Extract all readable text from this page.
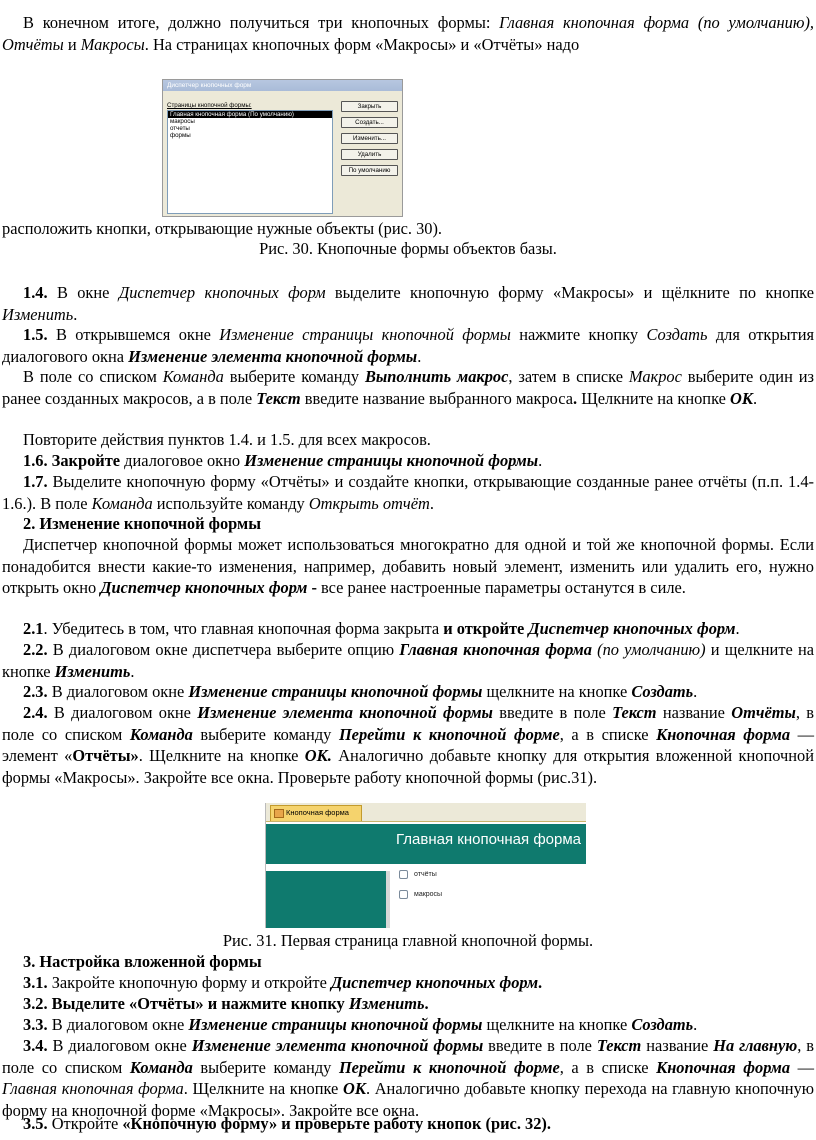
В конечном итоге, должно получиться три кнопочных формы: Главная кнопочная форма (по умолчанию), Отчёты и Макросы. На страницах кнопочных форм «Макросы» и «Отчёты» надо
Диспетчер кнопочных форм
Страницы кнопочной формы:
Главная кнопочная форма (По умолчанию)
макросы
отчеты
формы
Закрыть
Создать...
Изменить...
Удалить
По умолчанию
расположить кнопки, открывающие нужные объекты (рис. 30).
Рис. 30. Кнопочные формы объектов базы.
1.4. В окне Диспетчер кнопочных форм выделите кнопочную форму «Макросы» и щёлкните по кнопке Изменить.
1.5. В открывшемся окне Изменение страницы кнопочной формы нажмите кнопку Создать для открытия диалогового окна Изменение элемента кнопочной формы.
В поле со списком Команда выберите команду Выполнить макрос, затем в списке Макрос выберите один из ранее созданных макросов, а в поле Текст введите название выбранного макроса. Щелкните на кнопке ОК.
Повторите действия пунктов 1.4. и 1.5. для всех макросов.
1.6. Закройте диалоговое окно Изменение страницы кнопочной формы.
1.7. Выделите кнопочную форму «Отчёты» и создайте кнопки, открывающие созданные ранее отчёты (п.п. 1.4-1.6.). В поле Команда используйте команду Открыть отчёт.
2. Изменение кнопочной формы
Диспетчер кнопочной формы может использоваться многократно для одной и той же кнопочной формы. Если понадобится внести какие-то изменения, например, добавить новый элемент, изменить или удалить его, нужно открыть окно Диспетчер кнопочных форм - все ранее настроенные параметры останутся в силе.
2.1. Убедитесь в том, что главная кнопочная форма закрыта и откройте Диспетчер кнопочных форм.
2.2. В диалоговом окне диспетчера выберите опцию Главная кнопочная форма (по умолчанию) и щелкните на кнопке Изменить.
2.3. В диалоговом окне Изменение страницы кнопочной формы щелкните на кнопке Создать.
2.4. В диалоговом окне Изменение элемента кнопочной формы введите в поле Текст название Отчёты, в поле со списком Команда выберите команду Перейти к кнопочной форме, а в списке Кнопочная форма — элемент «Отчёты». Щелкните на кнопке ОК. Аналогично добавьте кнопку для открытия вложенной кнопочной формы «Макросы». Закройте все окна. Проверьте работу кнопочной формы (рис.31).
Кнопочная форма
Главная кнопочная форма
отчёты
макросы
Рис. 31. Первая страница главной кнопочной формы.
3. Настройка вложенной формы
3.1. Закройте кнопочную форму и откройте Диспетчер кнопочных форм.
3.2. Выделите «Отчёты» и нажмите кнопку Изменить.
3.3. В диалоговом окне Изменение страницы кнопочной формы щелкните на кнопке Создать.
3.4. В диалоговом окне Изменение элемента кнопочной формы введите в поле Текст название На главную, в поле со списком Команда выберите команду Перейти к кнопочной форме, а в списке Кнопочная форма — Главная кнопочная форма. Щелкните на кнопке ОК. Аналогично добавьте кнопку перехода на главную кнопочную форму на кнопочной форме «Макросы». Закройте все окна.
3.5. Откройте «Кнопочную форму» и проверьте работу кнопок (рис. 32).
